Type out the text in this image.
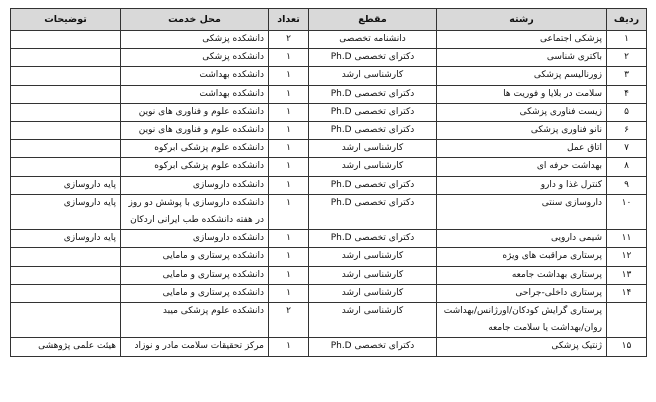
ردیف	رشته	مقطع	تعداد	محل خدمت	توضیحات
۱	پزشکی اجتماعی	دانشنامه تخصصی	۲	دانشکده پزشکی	
۲	باکتری شناسی	دکترای تخصصی Ph.D	۱	دانشکده پزشکی	
۳	زورنالیسم پزشکی	کارشناسی ارشد	۱	دانشکده بهداشت	
۴	سلامت در بلایا و فوریت ها	دکترای تخصصی Ph.D	۱	دانشکده بهداشت	
۵	زیست فناوری پزشکی	دکترای تخصصی Ph.D	۱	دانشکده علوم و فناوری های نوین	
۶	نانو فناوری پزشکی	دکترای تخصصی Ph.D	۱	دانشکده علوم و فناوری های نوین	
۷	اتاق عمل	کارشناسی ارشد	۱	دانشکده علوم پزشکی ابرکوه	
۸	بهداشت حرفه ای	کارشناسی ارشد	۱	دانشکده علوم پزشکی ابرکوه	
۹	کنترل غذا و دارو	دکترای تخصصی Ph.D	۱	دانشکده داروسازی	پایه داروسازی
۱۰	داروسازی سنتی	دکترای تخصصی Ph.D	۱	دانشکده داروسازی با پوشش دو روز در هفته دانشکده طب ایرانی اردکان	پایه داروسازی
۱۱	شیمی دارویی	دکترای تخصصی Ph.D	۱	دانشکده داروسازی	پایه داروسازی
۱۲	پرستاری مراقبت های ویژه	کارشناسی ارشد	۱	دانشکده پرستاری و مامایی	
۱۳	پرستاری بهداشت جامعه	کارشناسی ارشد	۱	دانشکده پرستاری و مامایی	
۱۴	پرستاری داخلی-جراحی	کارشناسی ارشد	۱	دانشکده پرستاری و مامایی	
	پرستاری گرایش کودکان/اورژانس/بهداشت روان/بهداشت یا سلامت جامعه	کارشناسی ارشد	۲	دانشکده علوم پزشکی میبد	
۱۵	ژنتیک پزشکی	دکترای تخصصی Ph.D	۱	مرکز تحقیقات سلامت مادر و نوزاد	هیئت علمی پژوهشی
